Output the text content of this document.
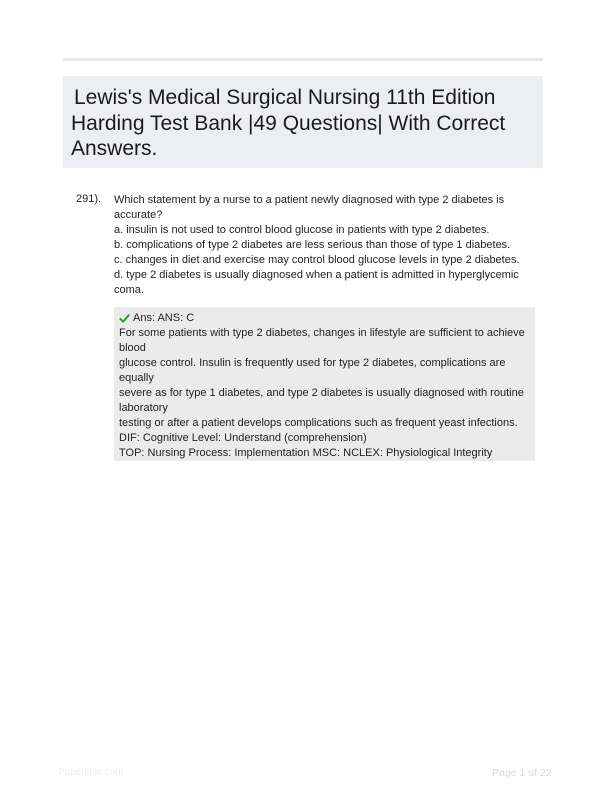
Lewis's Medical Surgical Nursing 11th Edition
Harding Test Bank |49 Questions| With Correct
Answers.
291). Which statement by a nurse to a patient newly diagnosed with type 2 diabetes is
accurate?
a. insulin is not used to control blood glucose in patients with type 2 diabetes.
b. complications of type 2 diabetes are less serious than those of type 1 diabetes.
c. changes in diet and exercise may control blood glucose levels in type 2 diabetes.
d. type 2 diabetes is usually diagnosed when a patient is admitted in hyperglycemic
coma.
Ans: ANS: C
For some patients with type 2 diabetes, changes in lifestyle are sufficient to achieve
blood
glucose control. Insulin is frequently used for type 2 diabetes, complications are
equally
severe as for type 1 diabetes, and type 2 diabetes is usually diagnosed with routine
laboratory
testing or after a patient develops complications such as frequent yeast infections.
DIF: Cognitive Level: Understand (comprehension)
TOP: Nursing Process: Implementation MSC: NCLEX: Physiological Integrity
Paperlibic.com	Page 1 of 22
